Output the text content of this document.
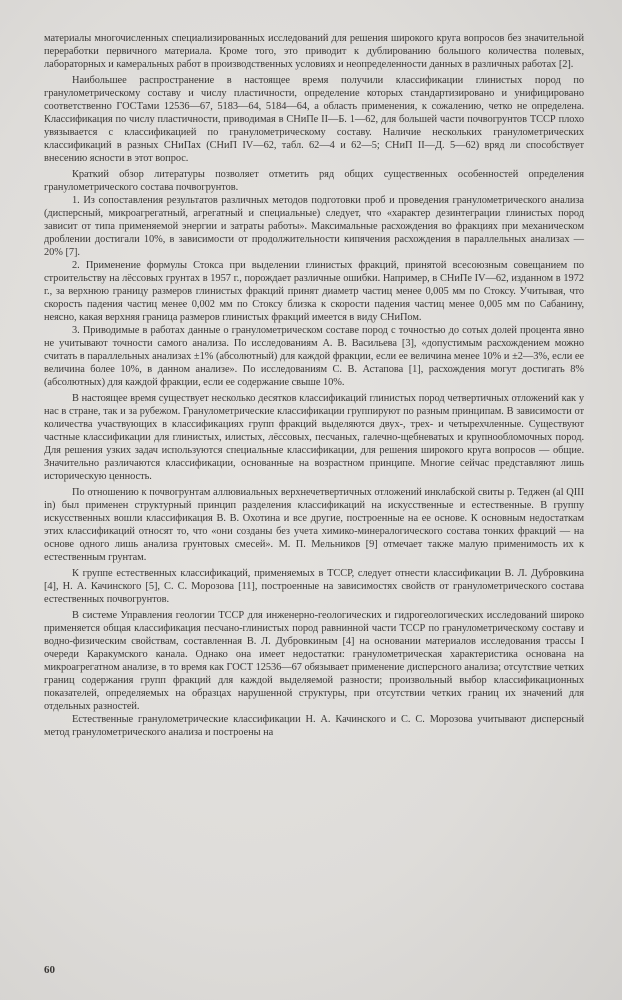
материалы многочисленных специализированных исследований для решения широкого круга вопросов без значительной переработки первичного материала. Кроме того, это приводит к дублированию большого количества полевых, лабораторных и камеральных работ в производственных условиях и неопределенности данных в различных работах [2].

Наибольшее распространение в настоящее время получили классификации глинистых пород по гранулометрическому составу и числу пластичности, определение которых стандартизировано и унифицировано соответственно ГОСТами 12536—67, 5183—64, 5184—64, а область применения, к сожалению, четко не определена. Классификация по числу пластичности, приводимая в СНиПе II—Б. 1—62, для большей части почвогрунтов ТССР плохо увязывается с классификацией по гранулометрическому составу. Наличие нескольких гранулометрических классификаций в разных СНиПах (СНиП IV—62, табл. 62—4 и 62—5; СНиП II—Д. 5—62) вряд ли способствует внесению ясности в этот вопрос.

Краткий обзор литературы позволяет отметить ряд общих существенных особенностей определения гранулометрического состава почвогрунтов.

1. Из сопоставления результатов различных методов подготовки проб и проведения гранулометрического анализа (дисперсный, микроагрегатный, агрегатный и специальные) следует, что «характер дезинтеграции глинистых пород зависит от типа применяемой энергии и затраты работы». Максимальные расхождения во фракциях при механическом дроблении достигали 10%, в зависимости от продолжительности кипячения расхождения в параллельных анализах — 20% [7].

2. Применение формулы Стокса при выделении глинистых фракций, принятой всесоюзным совещанием по строительству на лёссовых грунтах в 1957 г., порождает различные ошибки. Например, в СНиПе IV—62, изданном в 1972 г., за верхнюю границу размеров глинистых фракций принят диаметр частиц менее 0,005 мм по Стоксу. Учитывая, что скорость падения частиц менее 0,002 мм по Стоксу близка к скорости падения частиц менее 0,005 мм по Сабанину, неясно, какая верхняя граница размеров глинистых фракций имеется в виду СНиПом.

3. Приводимые в работах данные о гранулометрическом составе пород с точностью до сотых долей процента явно не учитывают точности самого анализа. По исследованиям А. В. Васильева [3], «допустимым расхождением можно считать в параллельных анализах ±1% (абсолютный) для каждой фракции, если ее величина менее 10% и ±2—3%, если ее величина более 10%, в данном анализе». По исследованиям С. В. Астапова [1], расхождения могут достигать 8% (абсолютных) для каждой фракции, если ее содержание свыше 10%.

В настоящее время существует несколько десятков классификаций глинистых пород четвертичных отложений как у нас в стране, так и за рубежом. Гранулометрические классификации группируют по разным принципам. В зависимости от количества участвующих в классификациях групп фракций выделяются двух-, трех- и четырехчленные. Существуют частные классификации для глинистых, илистых, лёссовых, песчаных, галечно-щебневатых и крупнообломочных пород. Для решения узких задач используются специальные классификации, для решения широкого круга вопросов — общие. Значительно различаются классификации, основанные на возрастном принципе. Многие сейчас представляют лишь историческую ценность.

По отношению к почвогрунтам аллювиальных верхнечетвертичных отложений инклабской свиты р. Теджен (al QIII in) был применен структурный принцип разделения классификаций на искусственные и естественные. В группу искусственных вошли классификация В. В. Охотина и все другие, построенные на ее основе. К основным недостаткам этих классификаций относят то, что «они созданы без учета химико-минералогического состава тонких фракций — на основе одного лишь анализа грунтовых смесей». М. П. Мельников [9] отмечает также малую применимость их к естественным грунтам.

К группе естественных классификаций, применяемых в ТССР, следует отнести классификации В. Л. Дубровкина [4], Н. А. Качинского [5], С. С. Морозова [11], построенные на зависимостях свойств от гранулометрического состава естественных почвогрунтов.

В системе Управления геологии ТССР для инженерно-геологических и гидрогеологических исследований широко применяется общая классификация песчано-глинистых пород равнинной части ТССР по гранулометрическому составу и водно-физическим свойствам, составленная В. Л. Дубровкиным [4] на основании материалов исследования трассы I очереди Каракумского канала. Однако она имеет недостатки: гранулометрическая характеристика основана на микроагрегатном анализе, в то время как ГОСТ 12536—67 обязывает применение дисперсного анализа; отсутствие четких границ содержания групп фракций для каждой выделяемой разности; произвольный выбор классификационных показателей, определяемых на образцах нарушенной структуры, при отсутствии четких границ их значений для отдельных разностей.

Естественные гранулометрические классификации Н. А. Качинского и С. С. Морозова учитывают дисперсный метод гранулометрического анализа и построены на

60
